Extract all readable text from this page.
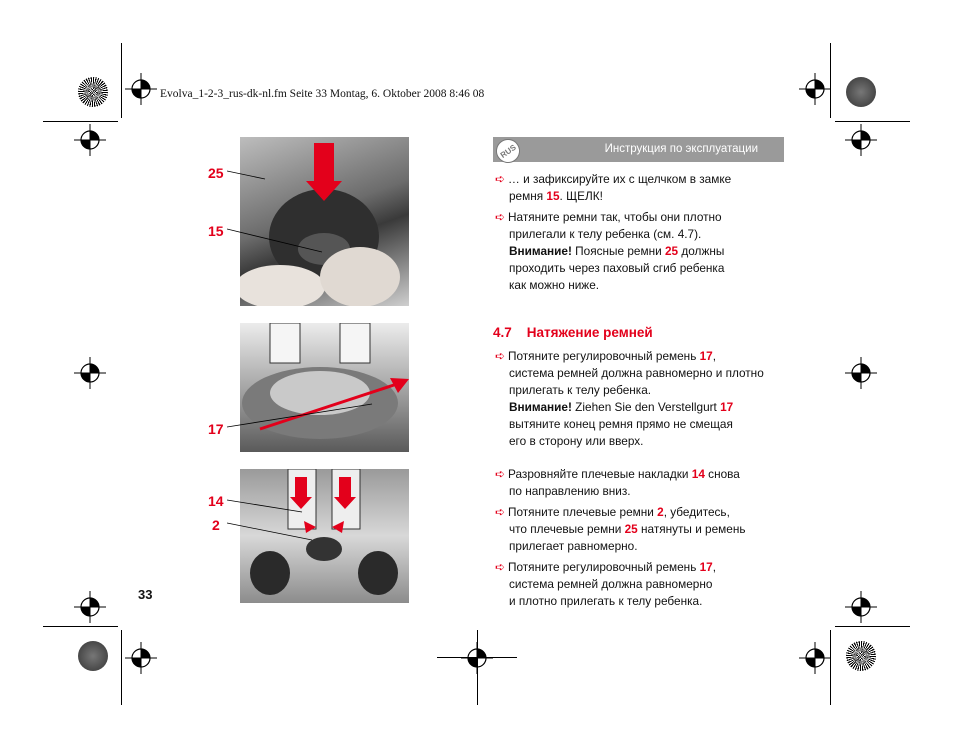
Evolva_1-2-3_rus-dk-nl.fm Seite 33 Montag, 6. Oktober 2008 8:46 08
25
15
17
14
2
RUS	Инструкция по эксплуатации
➪ … и зафиксируйте их с щелчком в замке
ремня 15. ЩЕЛК!
➪ Натяните ремни так, чтобы они плотно
прилегали к телу ребенка (см. 4.7).
Внимание! Поясные ремни 25 должны
проходить через паховый сгиб ребенка
как можно ниже.
4.7    Натяжение ремней
➪ Потяните регулировочный ремень 17,
система ремней должна равномерно и плотно
прилегать к телу ребенка.
Внимание! Ziehen Sie den Verstellgurt 17
вытяните конец ремня прямо не смещая
его в сторону или вверх.
➪ Разровняйте плечевые накладки 14 снова
по направлению вниз.
➪ Потяните плечевые ремни 2, убедитесь,
что плечевые ремни 25 натянуты и ремень
прилегает равномерно.
➪ Потяните регулировочный ремень 17,
система ремней должна равномерно
и плотно прилегать к телу ребенка.
33
